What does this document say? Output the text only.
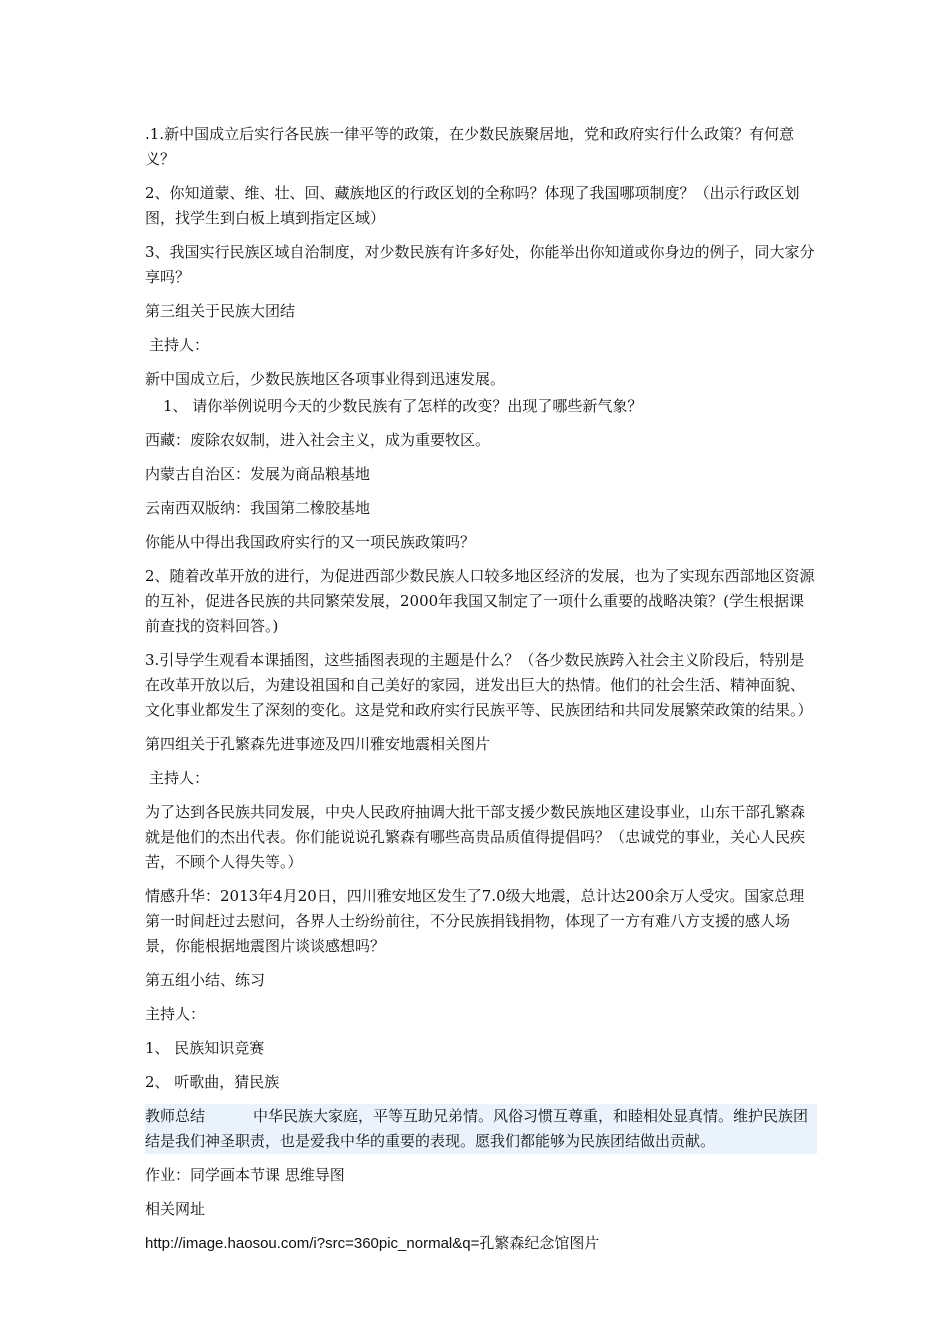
.1.新中国成立后实行各民族一律平等的政策，在少数民族聚居地，党和政府实行什么政策？有何意义？

2、你知道蒙、维、壮、回、藏族地区的行政区划的全称吗？体现了我国哪项制度？（出示行政区划图，找学生到白板上填到指定区域）

3、我国实行民族区域自治制度，对少数民族有许多好处，你能举出你知道或你身边的例子，同大家分享吗？

第三组关于民族大团结

主持人：

新中国成立后，少数民族地区各项事业得到迅速发展。

1、 请你举例说明今天的少数民族有了怎样的改变？出现了哪些新气象？

西藏：废除农奴制，进入社会主义，成为重要牧区。

内蒙古自治区：发展为商品粮基地

云南西双版纳：我国第二橡胶基地

你能从中得出我国政府实行的又一项民族政策吗？

2、随着改革开放的进行，为促进西部少数民族人口较多地区经济的发展，也为了实现东西部地区资源的互补，促进各民族的共同繁荣发展，2000年我国又制定了一项什么重要的战略决策？(学生根据课前查找的资料回答。)

3.引导学生观看本课插图，这些插图表现的主题是什么？（各少数民族跨入社会主义阶段后，特别是在改革开放以后，为建设祖国和自己美好的家园，迸发出巨大的热情。他们的社会生活、精神面貌、文化事业都发生了深刻的变化。这是党和政府实行民族平等、民族团结和共同发展繁荣政策的结果。）

第四组关于孔繁森先进事迹及四川雅安地震相关图片

主持人：

为了达到各民族共同发展，中央人民政府抽调大批干部支援少数民族地区建设事业，山东干部孔繁森就是他们的杰出代表。你们能说说孔繁森有哪些高贵品质值得提倡吗？（忠诚党的事业，关心人民疾苦，不顾个人得失等。）

情感升华：2013年4月20日，四川雅安地区发生了7.0级大地震，总计达200余万人受灾。国家总理第一时间赶过去慰问，各界人士纷纷前往，不分民族捐钱捐物，体现了一方有难八方支援的感人场景，你能根据地震图片谈谈感想吗？

第五组小结、练习

主持人：

1、 民族知识竞赛

2、 听歌曲，猜民族

教师总结	中华民族大家庭，平等互助兄弟情。风俗习惯互尊重，和睦相处显真情。维护民族团结是我们神圣职责，也是爱我中华的重要的表现。愿我们都能够为民族团结做出贡献。

作业：同学画本节课 思维导图

相关网址

http://image.haosou.com/i?src=360pic_normal&q=孔繁森纪念馆图片
